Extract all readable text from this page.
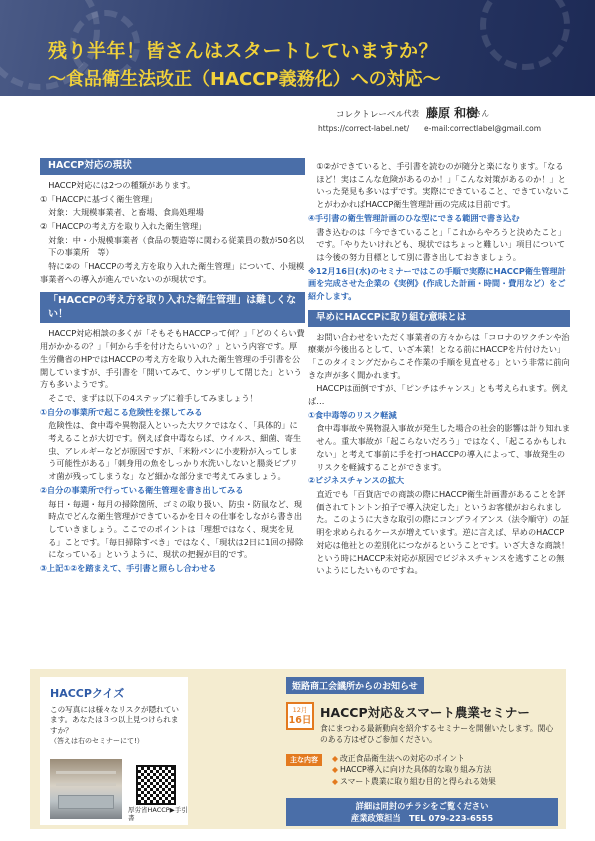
残り半年！皆さんはスタートしていますか？
〜食品衛生法改正（HACCP義務化）への対応〜
コレクトレーベル 代表 藤原 和樹
さん
https://correct-label.net/ e-mail:correctlabel@gmail.com
HACCP対応の現状

HACCP対応には2つの種類があります。

①「HACCPに基づく衛生管理」

対象：大規模事業者、と畜場、食鳥処理場

②「HACCPの考え方を取り入れた衛生管理」

対象：中・小規模事業者（食品の製造等に関わる従業員の数が50名以下の事業所　等）

特に②の「HACCPの考え方を取り入れた衛生管理」について、小規模事業者への導入が進んでいないのが現状です。

「HACCPの考え方を取り入れた衛生管理」は難しくない！

HACCP対応相談の多くが「そもそもHACCPって何？」「どのくらい費用がかかるの？」「何から手を付けたらいいの？」という内容です。厚生労働省のHPではHACCPの考え方を取り入れた衛生管理の手引書を公開していますが、手引書を「開いてみて、ウンザリして閉じた」という方も多いようです。

そこで、まずは以下の4ステップに着手してみましょう！

①自分の事業所で起こる危険性を探してみる

危険性は、食中毒や異物混入といった大ワクではなく、「具体的」に考えることが大切です。例えば食中毒ならば、ウイルス、細菌、寄生虫、アレルギーなどが原因ですが、「米粉パンに小麦粉が入ってしまう可能性がある」「刺身用の魚をしっかり水洗いしないと腸炎ビブリオ菌が残ってしまうな」など細かな部分まで考えてみましょう。

②自分の事業所で行っている衛生管理を書き出してみる

毎日・毎週・毎月の掃除箇所、ゴミの取り扱い、防虫・防鼠など、現時点でどんな衛生管理ができているかを日々の仕事をしながら書き出していきましょう。ここでのポイントは「理想ではなく、現実を見る」ことです。「毎日掃除すべき」ではなく、「現状は2日に1回の掃除になっている」というように、現状の把握が目的です。

③上記①②を踏まえて、手引書と照らし合わせる

①②ができていると、手引書を読むのが随分と楽になります。「なるほど！実はこんな危険があるのか！」「こんな対策があるのか！」といった発見も多いはずです。実際にできていること、できていないことがわかればHACCP衛生管理計画の完成は目前です。

④手引書の衛生管理計画のひな型にできる範囲で書き込む

書き込むのは「今できていること」「これからやろうと決めたこと」です。「やりたいけれども、現状ではちょっと難しい」項目については今後の努力目標として別に書き出しておきましょう。

※12月16日(水)のセミナーではこの手順で実際にHACCP衛生管理計画を完成させた企業の《実例》(作成した計画・時間・費用など）をご紹介します。

早めにHACCPに取り組む意味とは

お問い合わせをいただく事業者の方々からは「コロナのワクチンや治療薬が今後出るとして、いざ本業！となる前にHACCPを片付けたい」「このタイミングだからこそ作業の手順を見直せる」という非常に前向きな声が多く聞かれます。

HACCPは面倒ですが、「ピンチはチャンス」とも考えられます。例えば…

①食中毒等のリスク軽減

食中毒事故や異物混入事故が発生した場合の社会的影響は計り知れません。重大事故が「起こらないだろう」ではなく、「起こるかもしれない」と考えて事前に手を打つHACCPの導入によって、事故発生のリスクを軽減することができます。

②ビジネスチャンスの拡大

直近でも「百貨店での商談の際にHACCP衛生計画書があることを評価されてトントン拍子で導入決定した」というお客様がおられました。このように大きな取引の際にコンプライアンス（法令順守）の証明を求められるケースが増えています。逆に言えば、早めのHACCP対応は他社との差別化につながるということです。いざ大きな商談！という時にHACCP未対応が原因でビジネスチャンスを逃すことの無いようにしたいものですね。

HACCPクイズ
この写真には様々なリスクが隠れています。あなたは３つ以上見つけられますか？
（答えは右のセミナーにて!）
厚労省HACCP▶手引書
姫路商工会議所からのお知らせ
12月
16日
HACCP対応＆スマート農業セミナー
食にまつわる最新動向を紹介するセミナーを開催いたします。関心のある方はぜひご参加ください。
主な内容
◆	改正食品衛生法への対応のポイント
◆ HACCP導入に向けた具体的な取り組み方法
◆ スマート農業に取り組む目的と得られる効果
詳細は同封のチラシをご覧ください
産業政策担当　TEL 079-223-6555
